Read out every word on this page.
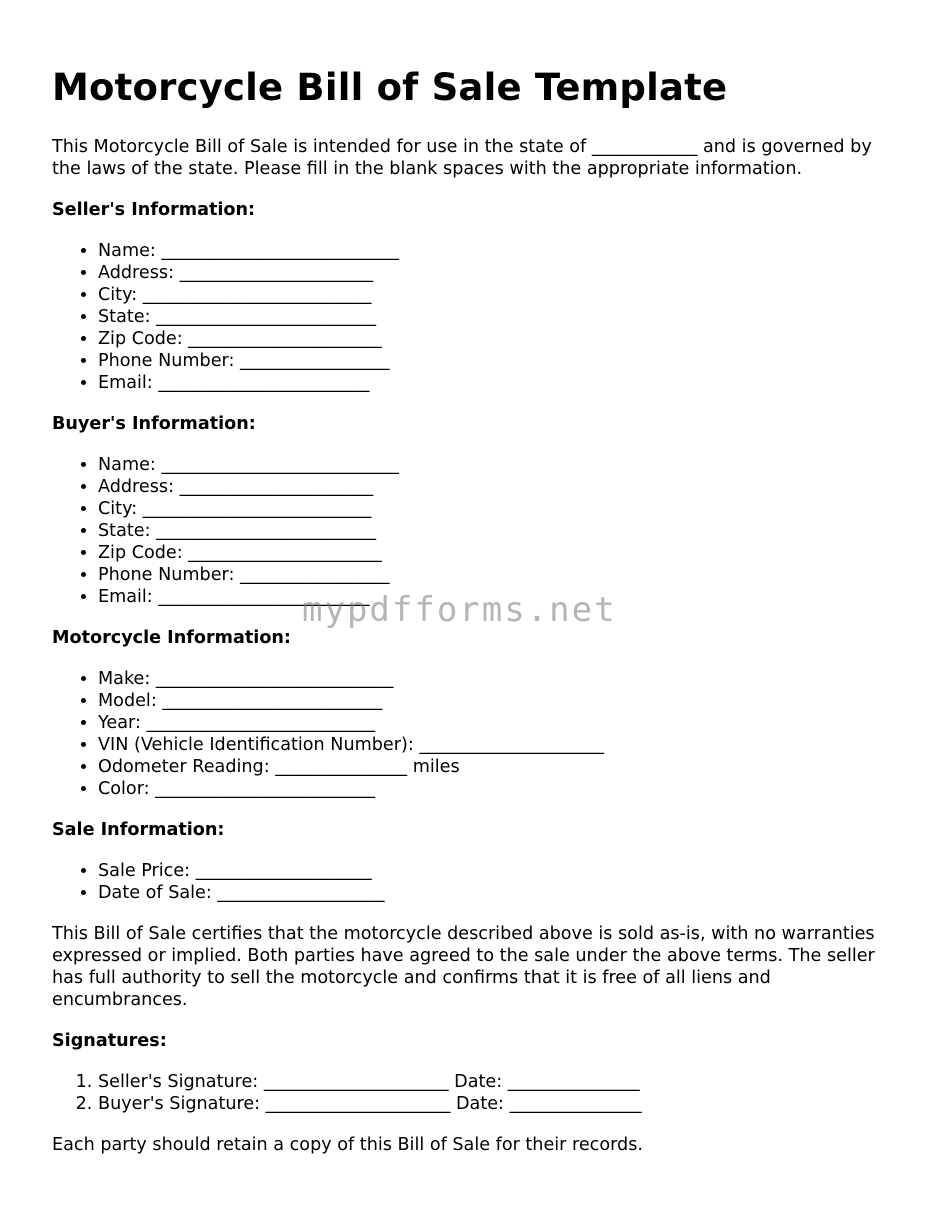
Motorcycle Bill of Sale Template

This Motorcycle Bill of Sale is intended for use in the state of ____________ and is governed by the laws of the state. Please fill in the blank spaces with the appropriate information.

Seller's Information:
• Name: ___________________________
• Address: ______________________
• City: __________________________
• State: _________________________
• Zip Code: ______________________
• Phone Number: _________________
• Email: ________________________
Buyer's Information:
• Name: ___________________________
• Address: ______________________
• City: __________________________
• State: _________________________
• Zip Code: ______________________
• Phone Number: _________________
• Email: ________________________
Motorcycle Information:
• Make: ___________________________
• Model: _________________________
• Year: __________________________
• VIN (Vehicle Identification Number): _____________________
• Odometer Reading: _______________ miles
• Color: _________________________
Sale Information:
• Sale Price: ____________________
• Date of Sale: ___________________

This Bill of Sale certifies that the motorcycle described above is sold as-is, with no warranties expressed or implied. Both parties have agreed to the sale under the above terms. The seller has full authority to sell the motorcycle and confirms that it is free of all liens and encumbrances.

Signatures:
1. Seller's Signature: _____________________ Date: _______________
2. Buyer's Signature: _____________________ Date: _______________

Each party should retain a copy of this Bill of Sale for their records.

mypdfforms.net
